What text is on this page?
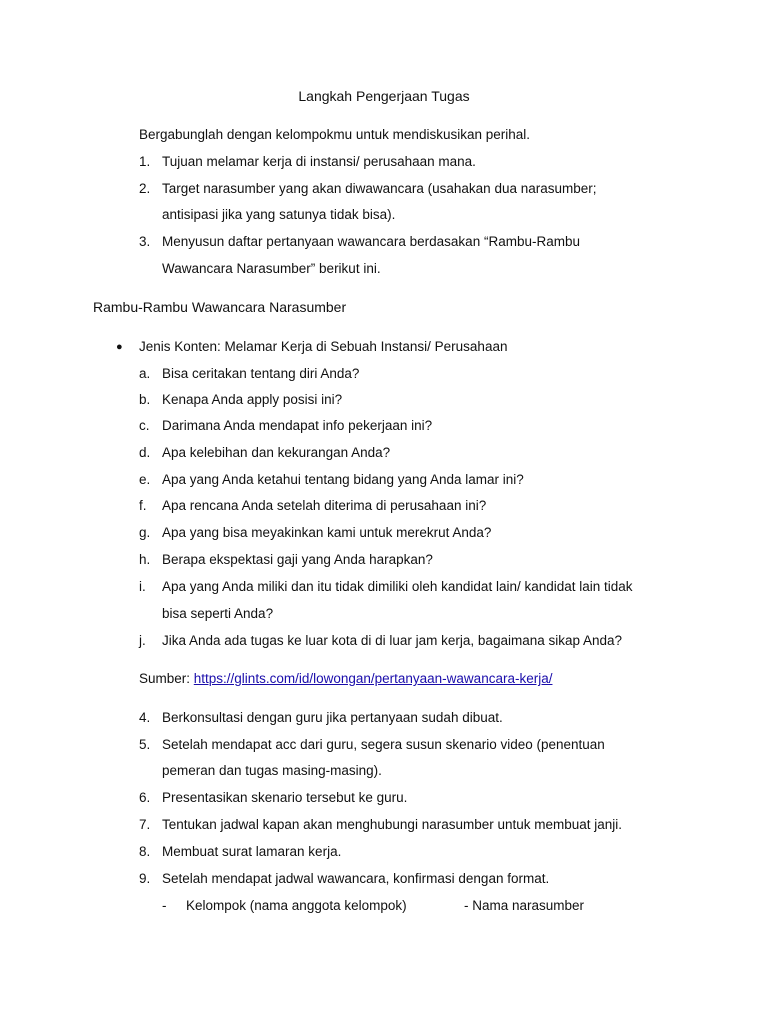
Langkah Pengerjaan Tugas
Bergabunglah dengan kelompokmu untuk mendiskusikan perihal.
1. Tujuan melamar kerja di instansi/ perusahaan mana.
2. Target narasumber yang akan diwawancara (usahakan dua narasumber;
antisipasi jika yang satunya tidak bisa).
3. Menyusun daftar pertanyaan wawancara berdasakan “Rambu-Rambu
Wawancara Narasumber” berikut ini.
Rambu-Rambu Wawancara Narasumber
● Jenis Konten: Melamar Kerja di Sebuah Instansi/ Perusahaan
a. Bisa ceritakan tentang diri Anda?
b. Kenapa Anda apply posisi ini?
c. Darimana Anda mendapat info pekerjaan ini?
d. Apa kelebihan dan kekurangan Anda?
e. Apa yang Anda ketahui tentang bidang yang Anda lamar ini?
f.	Apa rencana Anda setelah diterima di perusahaan ini?
g. Apa yang bisa meyakinkan kami untuk merekrut Anda?
h. Berapa ekspektasi gaji yang Anda harapkan?
i.	Apa yang Anda miliki dan itu tidak dimiliki oleh kandidat lain/ kandidat lain tidak
bisa seperti Anda?
j.	Jika Anda ada tugas ke luar kota di di luar jam kerja, bagaimana sikap Anda?
Sumber: https://glints.com/id/lowongan/pertanyaan-wawancara-kerja/
4. Berkonsultasi dengan guru jika pertanyaan sudah dibuat.
5. Setelah mendapat acc dari guru, segera susun skenario video (penentuan
pemeran dan tugas masing-masing).
6. Presentasikan skenario tersebut ke guru.
7. Tentukan jadwal kapan akan menghubungi narasumber untuk membuat janji.
8. Membuat surat lamaran kerja.
9. Setelah mendapat jadwal wawancara, konfirmasi dengan format.
- Kelompok (nama anggota kelompok)	- Nama narasumber
